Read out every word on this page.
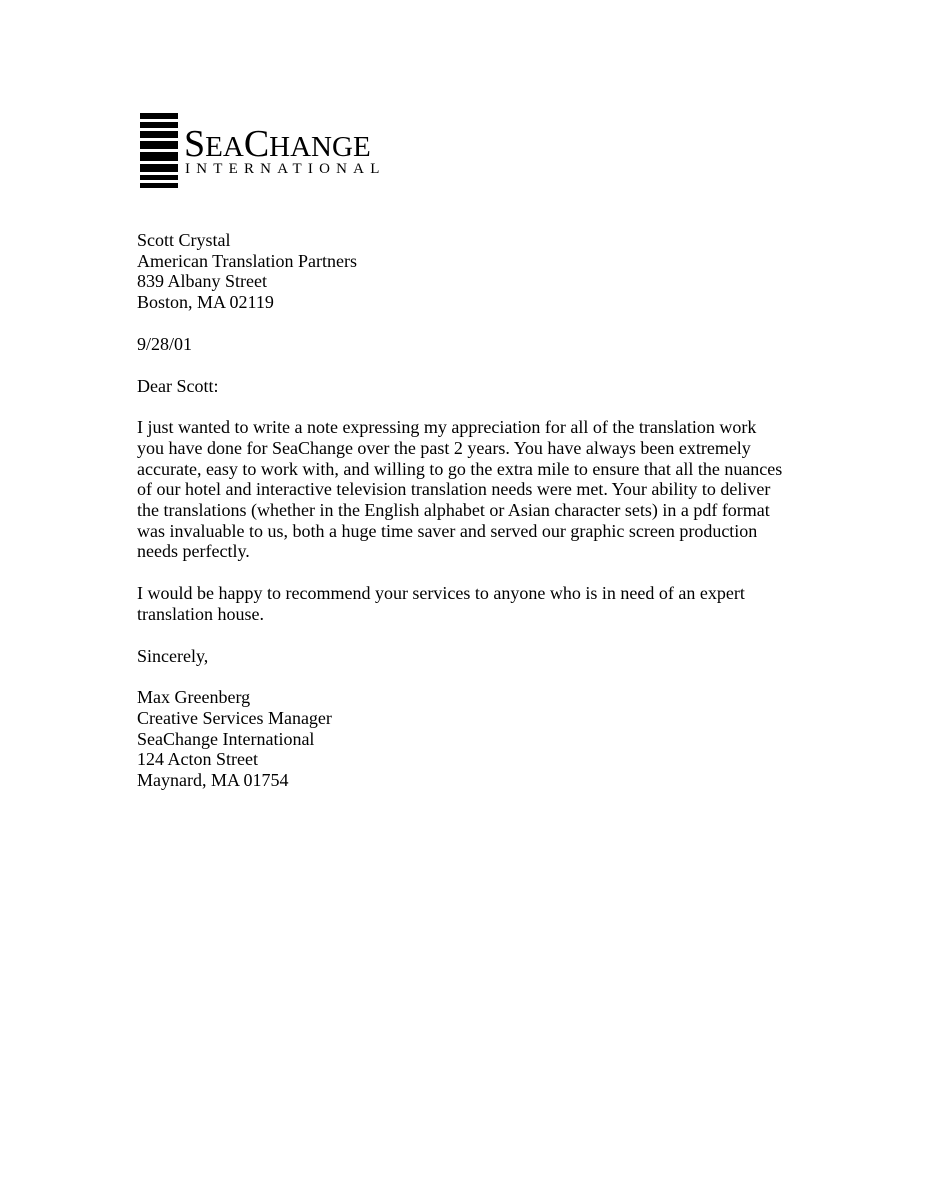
SEACHANGE
INTERNATIONAL
Scott Crystal
American Translation Partners
839 Albany Street
Boston, MA 02119
9/28/01
Dear Scott:
I just wanted to write a note expressing my appreciation for all of the translation work
you have done for SeaChange over the past 2 years. You have always been extremely
accurate, easy to work with, and willing to go the extra mile to ensure that all the nuances
of our hotel and interactive television translation needs were met. Your ability to deliver
the translations (whether in the English alphabet or Asian character sets) in a pdf format
was invaluable to us, both a huge time saver and served our graphic screen production
needs perfectly.
I would be happy to recommend your services to anyone who is in need of an expert
translation house.
Sincerely,
Max Greenberg
Creative Services Manager
SeaChange International
124 Acton Street
Maynard, MA 01754
